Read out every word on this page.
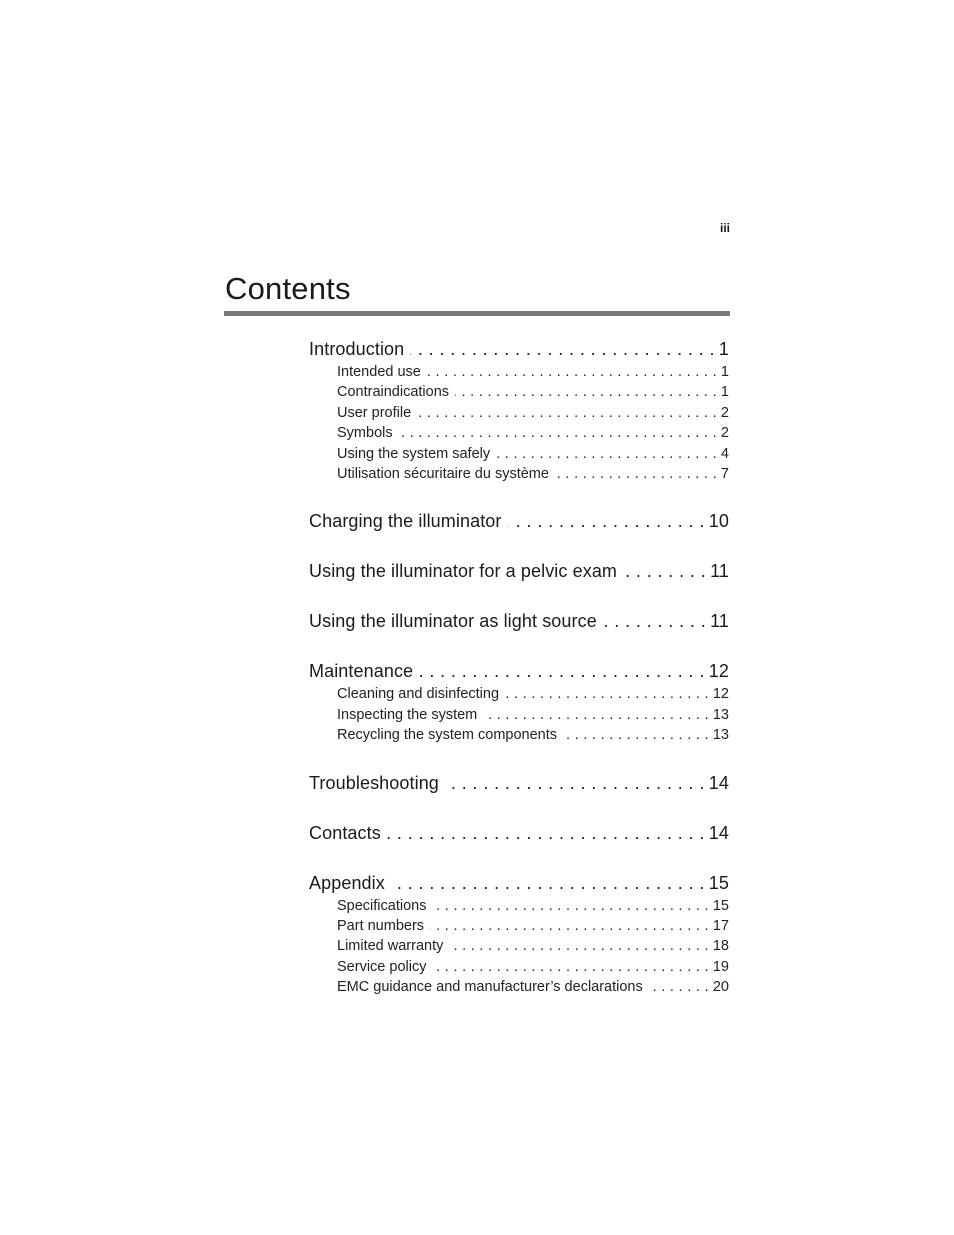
iii
Contents
Introduction . . .	1
Intended use . . .	1
Contraindications . . .	1
User profile . . .	2
Symbols . . .	2
Using the system safely . . .	4
Utilisation sécuritaire du système . . .	7
Charging the illuminator . . .	10
Using the illuminator for a pelvic exam . . .	11
Using the illuminator as light source . . .	11
Maintenance . . .	12
Cleaning and disinfecting . . .	12
Inspecting the system . . .	13
Recycling the system components . . .	13
Troubleshooting . . .	14
Contacts . . .	14
Appendix . . .	15
Specifications . . .	15
Part numbers . . .	17
Limited warranty . . .	18
Service policy . . .	19
EMC guidance and manufacturer’s declarations . . .	20
